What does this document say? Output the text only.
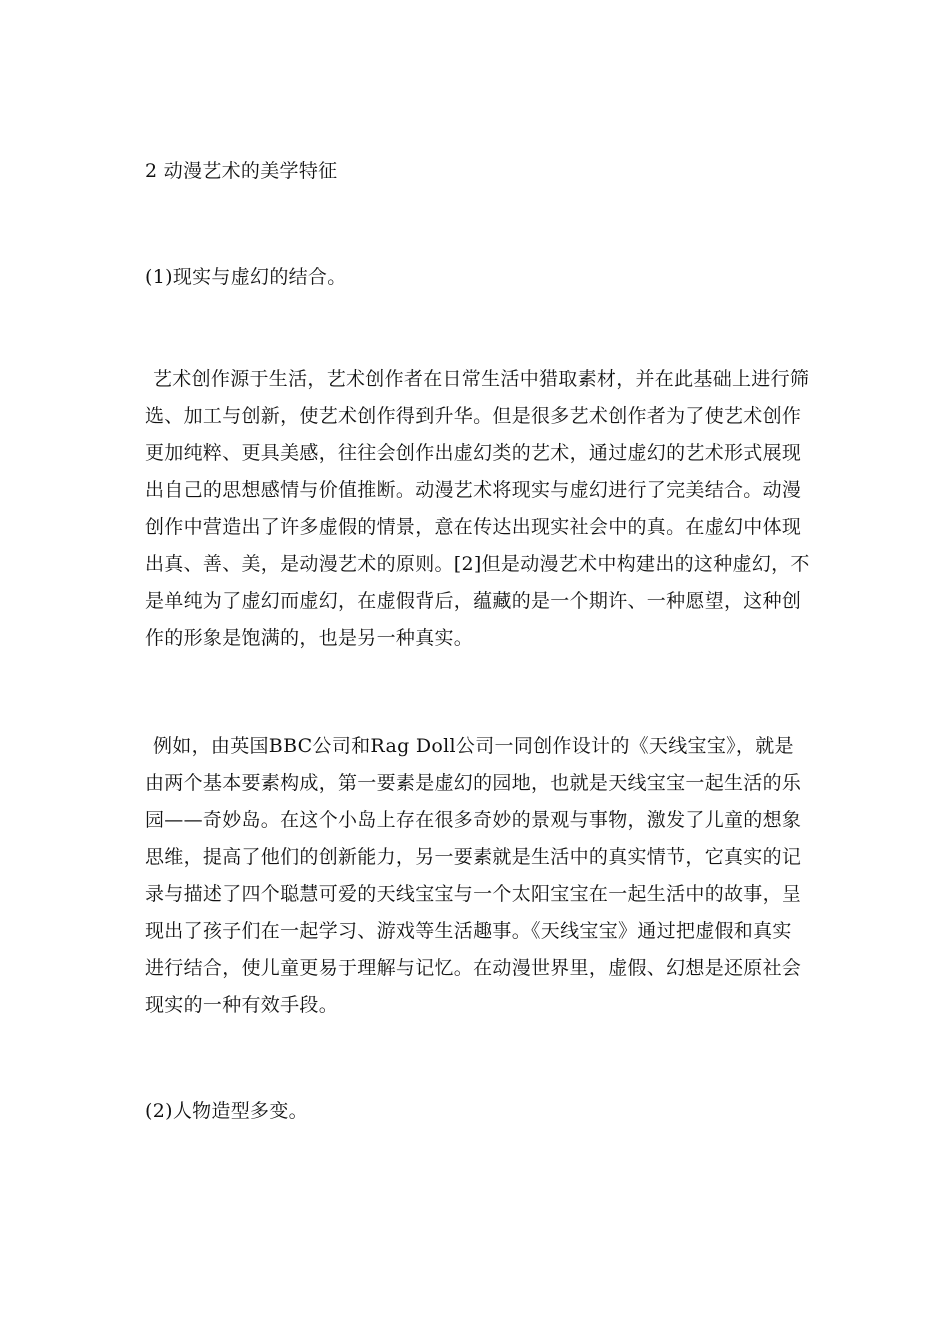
2 动漫艺术的美学特征
(1)现实与虚幻的结合。
艺术创作源于生活，艺术创作者在日常生活中猎取素材，并在此基础上进行筛
选、加工与创新，使艺术创作得到升华。但是很多艺术创作者为了使艺术创作
更加纯粹、更具美感，往往会创作出虚幻类的艺术，通过虚幻的艺术形式展现
出自己的思想感情与价值推断。动漫艺术将现实与虚幻进行了完美结合。动漫
创作中营造出了许多虚假的情景，意在传达出现实社会中的真。在虚幻中体现
出真、善、美，是动漫艺术的原则。[2]但是动漫艺术中构建出的这种虚幻，不
是单纯为了虚幻而虚幻，在虚假背后，蕴藏的是一个期许、一种愿望，这种创
作的形象是饱满的，也是另一种真实。
例如，由英国BBC公司和Rag Doll公司一同创作设计的《天线宝宝》，就是
由两个基本要素构成，第一要素是虚幻的园地，也就是天线宝宝一起生活的乐
园——奇妙岛。在这个小岛上存在很多奇妙的景观与事物，激发了儿童的想象
思维，提高了他们的创新能力，另一要素就是生活中的真实情节，它真实的记
录与描述了四个聪慧可爱的天线宝宝与一个太阳宝宝在一起生活中的故事，呈
现出了孩子们在一起学习、游戏等生活趣事。《天线宝宝》通过把虚假和真实
进行结合，使儿童更易于理解与记忆。在动漫世界里，虚假、幻想是还原社会
现实的一种有效手段。
(2)人物造型多变。
